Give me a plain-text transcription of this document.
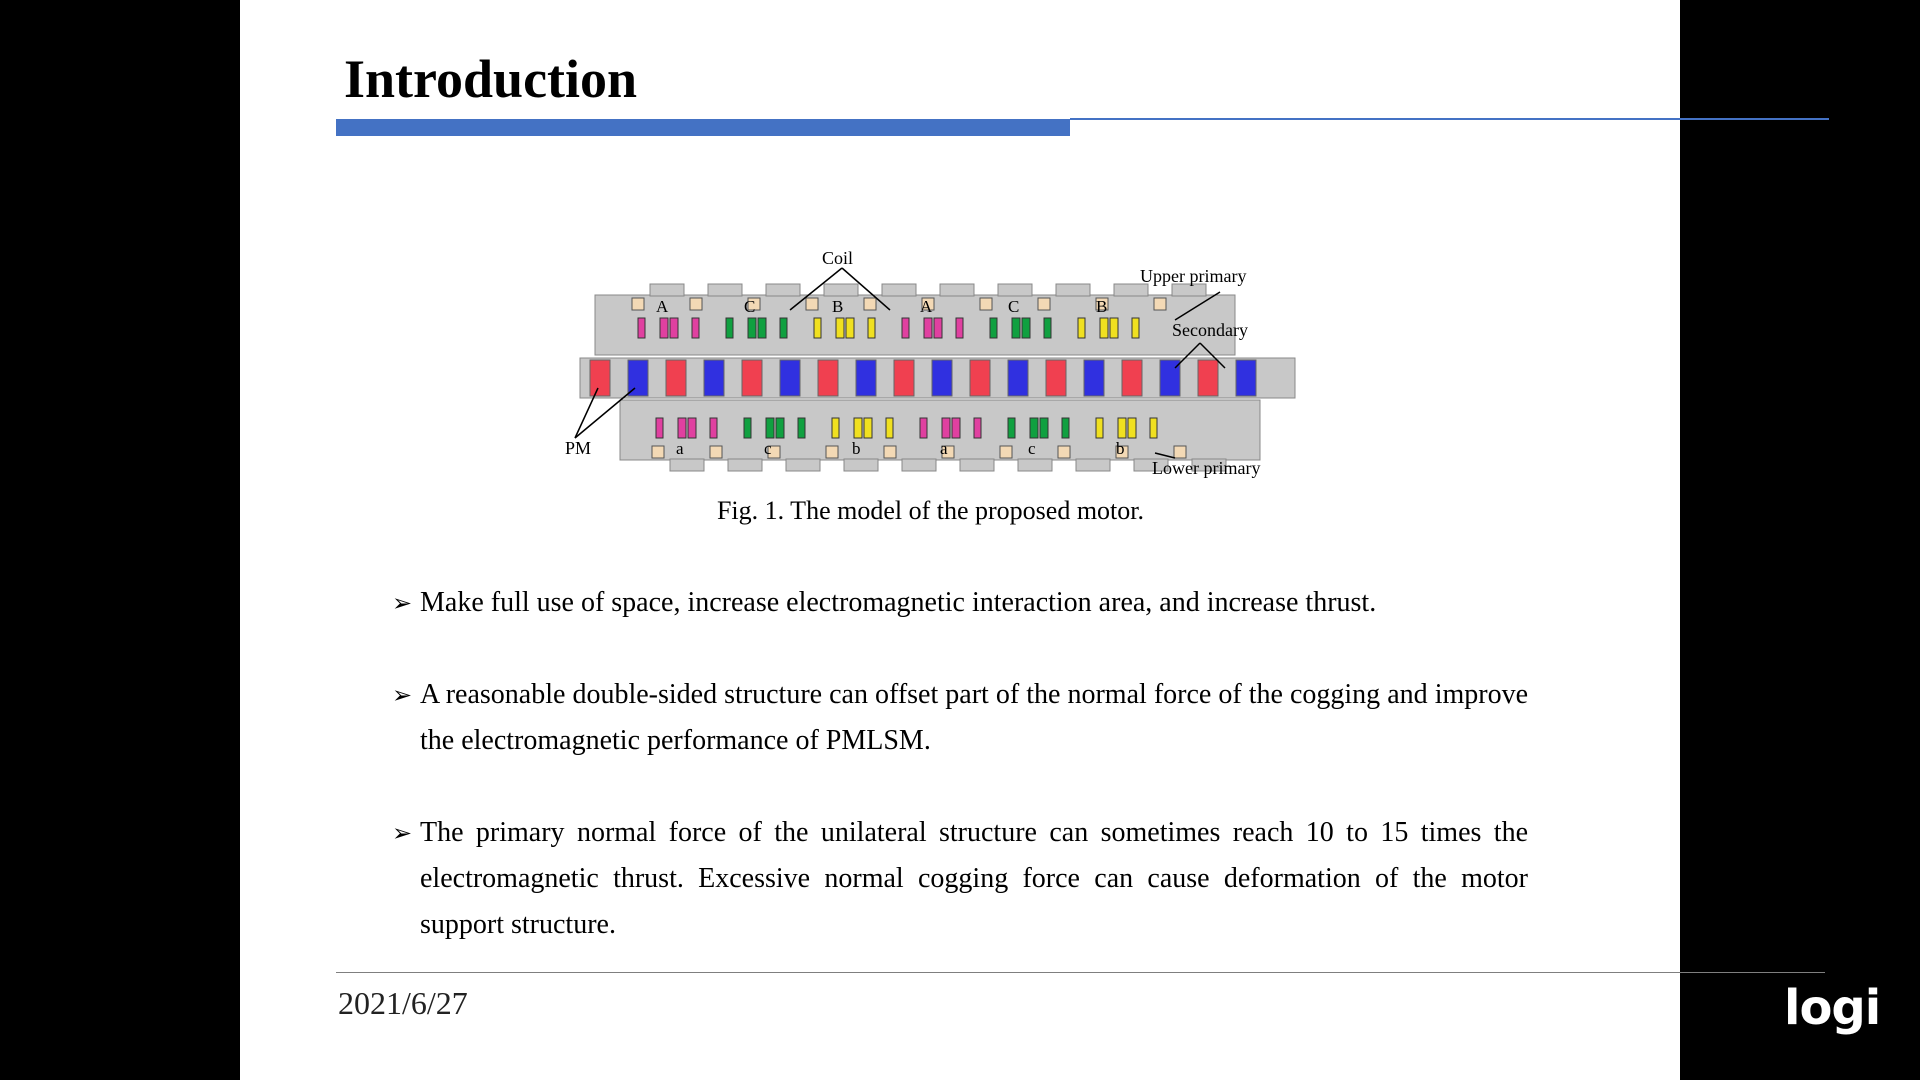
Introduction
A
a
C
c
B
b
A
a
C
c
B
b
Coil
Upper primary
Secondary
PM
Lower primary
Fig. 1. The model of the proposed motor.
➢ Make full use of space, increase electromagnetic interaction area, and increase thrust.
➢ A reasonable double-sided structure can offset part of the normal force of the cogging and improve the electromagnetic performance of PMLSM.
➢ The primary normal force of the unilateral structure can sometimes reach 10 to 15 times the electromagnetic thrust. Excessive normal cogging force can cause deformation of the motor support structure.
2021/6/27	logi
